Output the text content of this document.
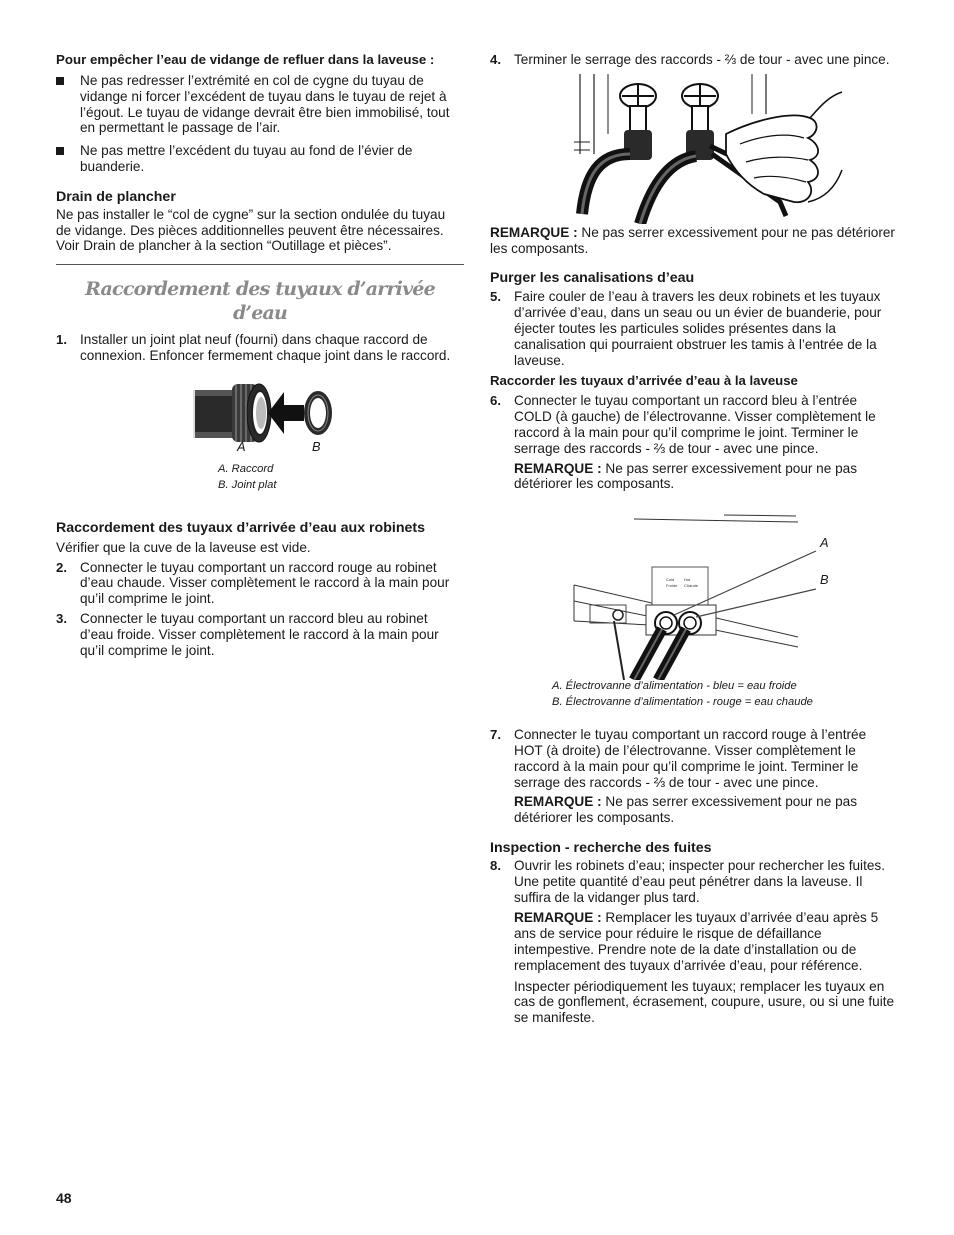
Pour empêcher l’eau de vidange de refluer dans la laveuse :

Ne pas redresser l’extrémité en col de cygne du tuyau de vidange ni forcer l’excédent de tuyau dans le tuyau de rejet à l’égout. Le tuyau de vidange devrait être bien immobilisé, tout en permettant le passage de l’air.
Ne pas mettre l’excédent du tuyau au fond de l’évier de buanderie.
Drain de plancher

Ne pas installer le “col de cygne” sur la section ondulée du tuyau de vidange. Des pièces additionnelles peuvent être nécessaires. Voir Drain de plancher à la section “Outillage et pièces”.

Raccordement des tuyaux d’arrivée d’eau
1. Installer un joint plat neuf (fourni) dans chaque raccord de connexion. Enfoncer fermement chaque joint dans le raccord.
A	B
A. Raccord
B. Joint plat
Raccordement des tuyaux d’arrivée d’eau aux robinets

Vérifier que la cuve de la laveuse est vide.

2. Connecter le tuyau comportant un raccord rouge au robinet d’eau chaude. Visser complètement le raccord à la main pour qu’il comprime le joint.
3. Connecter le tuyau comportant un raccord bleu au robinet d’eau froide. Visser complètement le raccord à la main pour qu’il comprime le joint.
4. Terminer le serrage des raccords - ⅔ de tour - avec une pince.

REMARQUE : Ne pas serrer excessivement pour ne pas détériorer les composants.

Purger les canalisations d’eau
5. Faire couler de l’eau à travers les deux robinets et les tuyaux d’arrivée d’eau, dans un seau ou un évier de buanderie, pour éjecter toutes les particules solides présentes dans la canalisation qui pourraient obstruer les tamis à l’entrée de la laveuse.
Raccorder les tuyaux d’arrivée d’eau à la laveuse
6. Connecter le tuyau comportant un raccord bleu à l’entrée COLD (à gauche) de l’électrovanne. Visser complètement le raccord à la main pour qu’il comprime le joint. Terminer le serrage des raccords - ⅔ de tour - avec une pince.

REMARQUE : Ne pas serrer excessivement pour ne pas détériorer les composants.

Cold Hot
Froide Chaude
A
B
A. Électrovanne d’alimentation - bleu = eau froide
B. Électrovanne d’alimentation - rouge = eau chaude
7. Connecter le tuyau comportant un raccord rouge à l’entrée HOT (à droite) de l’électrovanne. Visser complètement le raccord à la main pour qu’il comprime le joint. Terminer le serrage des raccords - ⅔ de tour - avec une pince.

REMARQUE : Ne pas serrer excessivement pour ne pas détériorer les composants.

Inspection - recherche des fuites
8. Ouvrir les robinets d’eau; inspecter pour rechercher les fuites. Une petite quantité d’eau peut pénétrer dans la laveuse. Il suffira de la vidanger plus tard.

REMARQUE : Remplacer les tuyaux d’arrivée d’eau après 5 ans de service pour réduire le risque de défaillance intempestive. Prendre note de la date d’installation ou de remplacement des tuyaux d’arrivée d’eau, pour référence.

Inspecter périodiquement les tuyaux; remplacer les tuyaux en cas de gonflement, écrasement, coupure, usure, ou si une fuite se manifeste.

48
